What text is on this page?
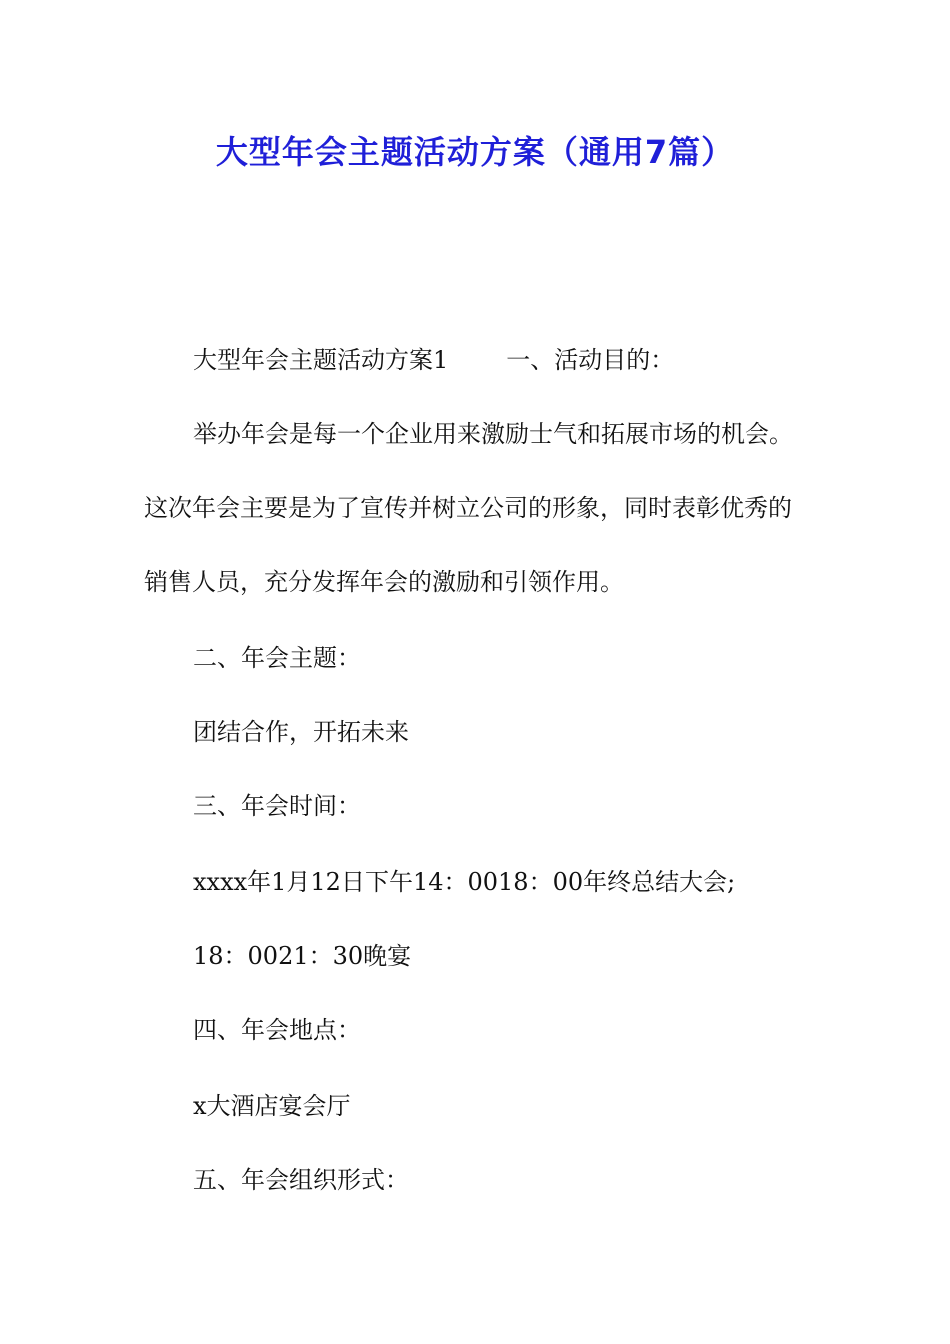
大型年会主题活动方案（通用7篇）
大型年会主题活动方案1 一、活动目的：
举办年会是每一个企业用来激励士气和拓展市场的机会。
这次年会主要是为了宣传并树立公司的形象，同时表彰优秀的
销售人员，充分发挥年会的激励和引领作用。
二、年会主题：
团结合作，开拓未来
三、年会时间：
xxxx年1月12日下午14：0018：00年终总结大会;
18：0021：30晚宴
四、年会地点：
x大酒店宴会厅
五、年会组织形式：
